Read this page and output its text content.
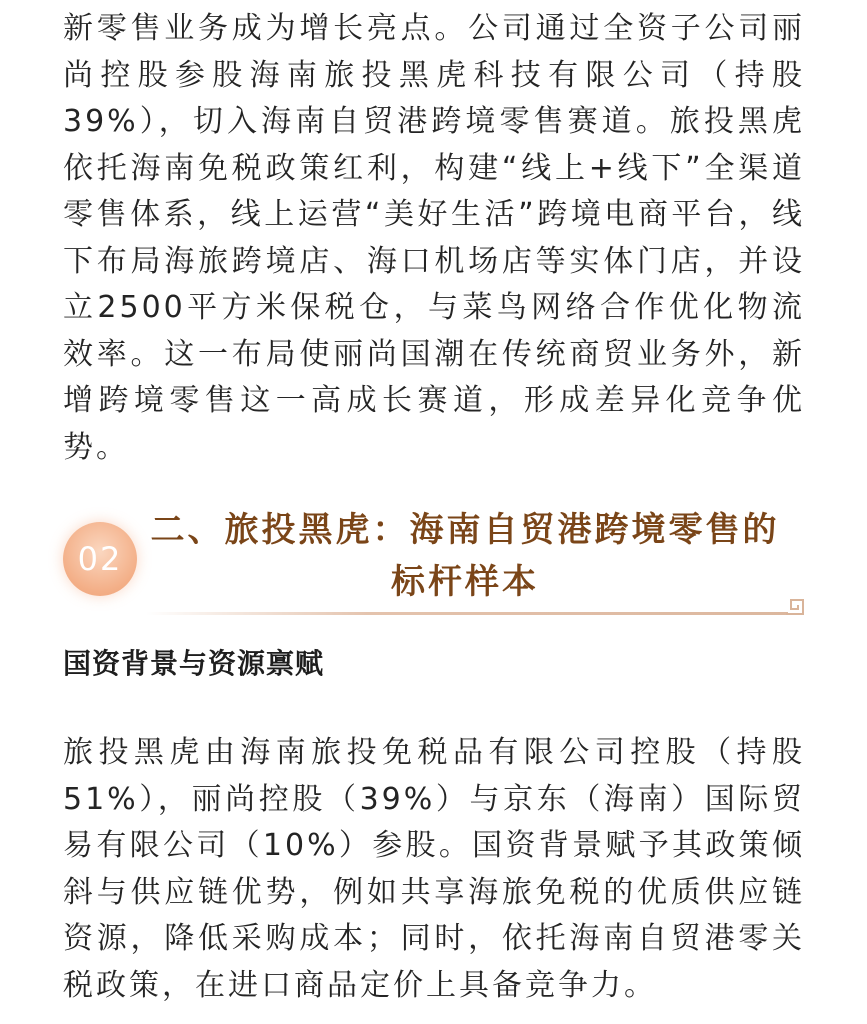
新零售业务成为增长亮点。公司通过全资子公司丽尚控股参股海南旅投黑虎科技有限公司（持股39%），切入海南自贸港跨境零售赛道。旅投黑虎依托海南免税政策红利，构建“线上+线下”全渠道零售体系，线上运营“美好生活”跨境电商平台，线下布局海旅跨境店、海口机场店等实体门店，并设立2500平方米保税仓，与菜鸟网络合作优化物流效率。这一布局使丽尚国潮在传统商贸业务外，新增跨境零售这一高成长赛道，形成差异化竞争优势。

02
二、旅投黑虎：海南自贸港跨境零售的
标杆样本
国资背景与资源禀赋

旅投黑虎由海南旅投免税品有限公司控股（持股51%），丽尚控股（39%）与京东（海南）国际贸易有限公司（10%）参股。国资背景赋予其政策倾斜与供应链优势，例如共享海旅免税的优质供应链资源，降低采购成本；同时，依托海南自贸港零关税政策，在进口商品定价上具备竞争力。
